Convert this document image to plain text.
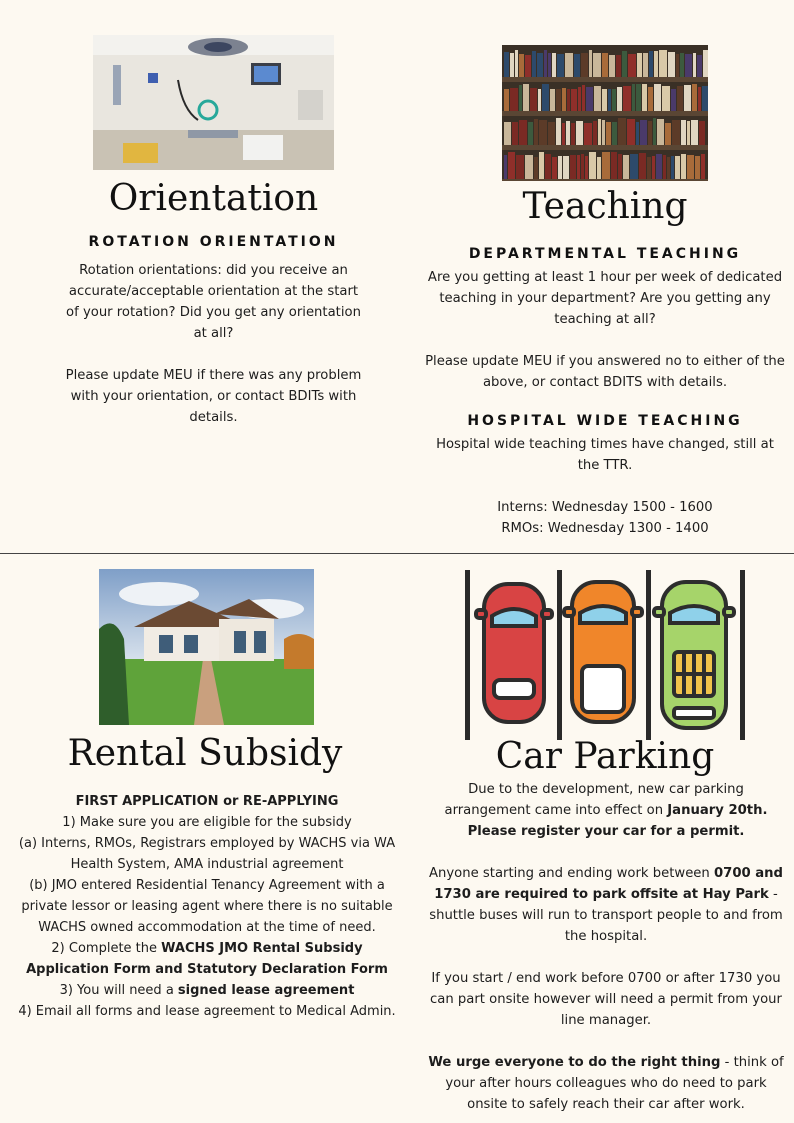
Orientation
ROTATION ORIENTATION

Rotation orientations: did you receive an accurate/acceptable orientation at the start of your rotation? Did you get any orientation at all?

Please update MEU if there was any problem with your orientation, or contact BDITs with details.

Teaching
DEPARTMENTAL TEACHING

Are you getting at least 1 hour per week of dedicated teaching in your department? Are you getting any teaching at all?

Please update MEU if you answered no to either of the above, or contact BDITS with details.

HOSPITAL WIDE TEACHING

Hospital wide teaching times have changed, still at the TTR.

Interns: Wednesday 1500 - 1600

RMOs: Wednesday 1300 - 1400

Rental Subsidy

FIRST APPLICATION or RE-APPLYING

1) Make sure you are eligible for the subsidy

(a) Interns, RMOs, Registrars employed by WACHS via WA Health System, AMA industrial agreement

(b) JMO entered Residential Tenancy Agreement with a private lessor or leasing agent where there is no suitable WACHS owned accommodation at the time of need.

2) Complete the WACHS JMO Rental Subsidy Application Form and Statutory Declaration Form

3) You will need a signed lease agreement

4) Email all forms and lease agreement to Medical Admin.

Car Parking

Due to the development, new car parking arrangement came into effect on January 20th. Please register your car for a permit.

Anyone starting and ending work between 0700 and 1730 are required to park offsite at Hay Park - shuttle buses will run to transport people to and from the hospital.

If you start / end work before 0700 or after 1730 you can part onsite however will need a permit from your line manager.

We urge everyone to do the right thing - think of your after hours colleagues who do need to park onsite to safely reach their car after work.
